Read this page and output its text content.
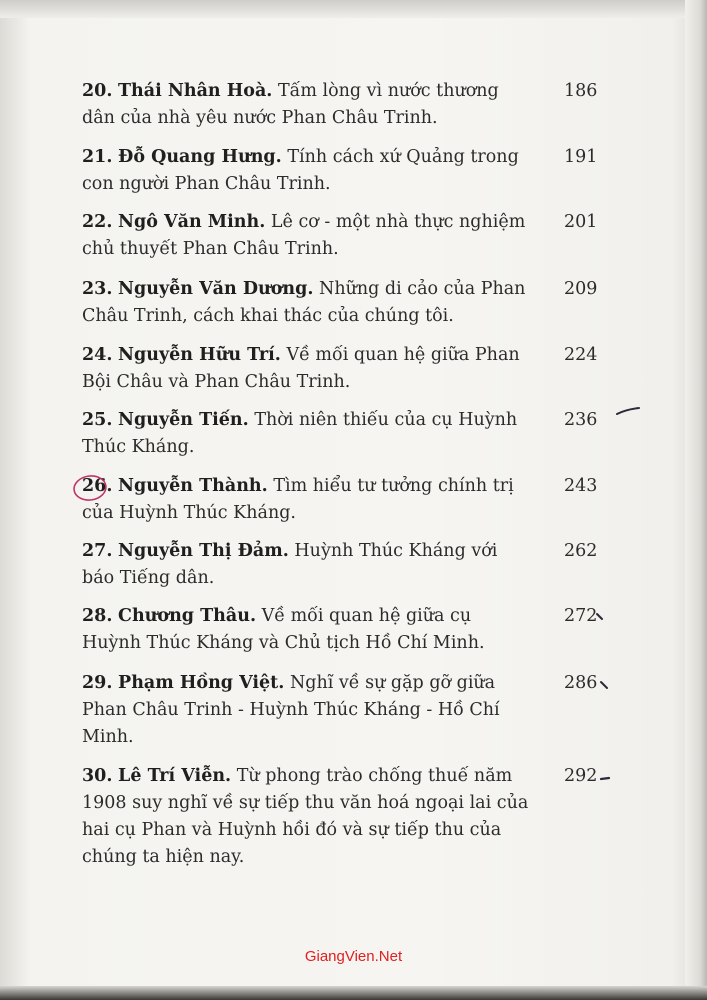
20. Thái Nhân Hoà. Tấm lòng vì nước thương dân của nhà yêu nước Phan Châu Trinh.
186
21. Đỗ Quang Hưng. Tính cách xứ Quảng trong con người Phan Châu Trinh.
191
22. Ngô Văn Minh. Lê cơ - một nhà thực nghiệm chủ thuyết Phan Châu Trinh.
201
23. Nguyễn Văn Dương. Những di cảo của Phan Châu Trinh, cách khai thác của chúng tôi.
209
24. Nguyễn Hữu Trí. Về mối quan hệ giữa Phan Bội Châu và Phan Châu Trinh.
224
25. Nguyễn Tiến. Thời niên thiếu của cụ Huỳnh Thúc Kháng.
236
26. Nguyễn Thành. Tìm hiểu tư tưởng chính trị của Huỳnh Thúc Kháng.
243
27. Nguyễn Thị Đảm. Huỳnh Thúc Kháng với báo Tiếng dân.
262
28. Chương Thâu. Về mối quan hệ giữa cụ Huỳnh Thúc Kháng và Chủ tịch Hồ Chí Minh.
272
29. Phạm Hồng Việt. Nghĩ về sự gặp gỡ giữa Phan Châu Trinh - Huỳnh Thúc Kháng - Hồ Chí Minh.
286
30. Lê Trí Viễn. Từ phong trào chống thuế năm 1908 suy nghĩ về sự tiếp thu văn hoá ngoại lai của hai cụ Phan và Huỳnh hồi đó và sự tiếp thu của chúng ta hiện nay.
292
GiangVien.Net
